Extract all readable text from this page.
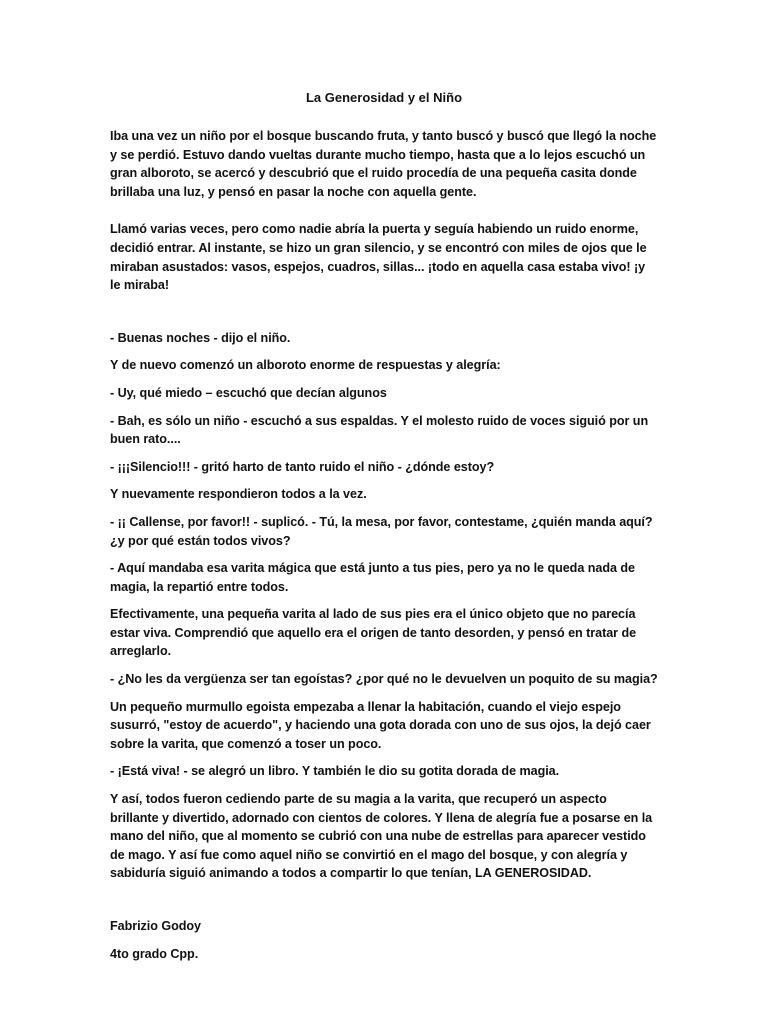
La Generosidad y el Niño

Iba una vez un niño por el bosque buscando fruta, y tanto buscó y buscó que llegó la noche y se perdió. Estuvo dando vueltas durante mucho tiempo, hasta que a lo lejos escuchó un gran alboroto, se acercó y descubrió que el ruido procedía de una pequeña casita donde brillaba una luz, y pensó en pasar la noche con aquella gente.

Llamó varias veces, pero como nadie abría la puerta y seguía habiendo un ruido enorme, decidió entrar. Al instante, se hizo un gran silencio, y se encontró con miles de ojos que le miraban asustados: vasos, espejos, cuadros, sillas... ¡todo en aquella casa estaba vivo! ¡y le miraba!

- Buenas noches - dijo el niño.

Y de nuevo comenzó un alboroto enorme de respuestas y alegría:

- Uy, qué miedo – escuchó que decían algunos

- Bah, es sólo un niño - escuchó a sus espaldas. Y el molesto ruido de voces siguió por un buen rato....

- ¡¡¡Silencio!!! - gritó harto de tanto ruido el niño - ¿dónde estoy?

Y nuevamente respondieron todos a la vez.

- ¡¡ Callense, por favor!! - suplicó. - Tú, la mesa, por favor, contestame, ¿quién manda aquí? ¿y por qué están todos vivos?

- Aquí mandaba esa varita mágica que está junto a tus pies, pero ya no le queda nada de magia, la repartió entre todos.

Efectivamente, una pequeña varita al lado de sus pies era el único objeto que no parecía estar viva. Comprendió que aquello era el origen de tanto desorden, y pensó en tratar de arreglarlo.

- ¿No les da vergüenza ser tan egoístas? ¿por qué no le devuelven un poquito de su magia?

Un pequeño murmullo egoista empezaba a llenar la habitación, cuando el viejo espejo susurró, "estoy de acuerdo", y haciendo una gota dorada con uno de sus ojos, la dejó caer sobre la varita, que comenzó a toser un poco.

- ¡Está viva! - se alegró un libro. Y también le dio su gotita dorada de magia.

Y así, todos fueron cediendo parte de su magia a la varita, que recuperó un aspecto brillante y divertido, adornado con cientos de colores. Y llena de alegría fue a posarse en la mano del niño, que al momento se cubrió con una nube de estrellas para aparecer vestido de mago. Y así fue como aquel niño se convirtió en el mago del bosque, y con alegría y sabiduría siguió animando a todos a compartir lo que tenían, LA GENEROSIDAD.

Fabrizio Godoy

4to grado Cpp.
